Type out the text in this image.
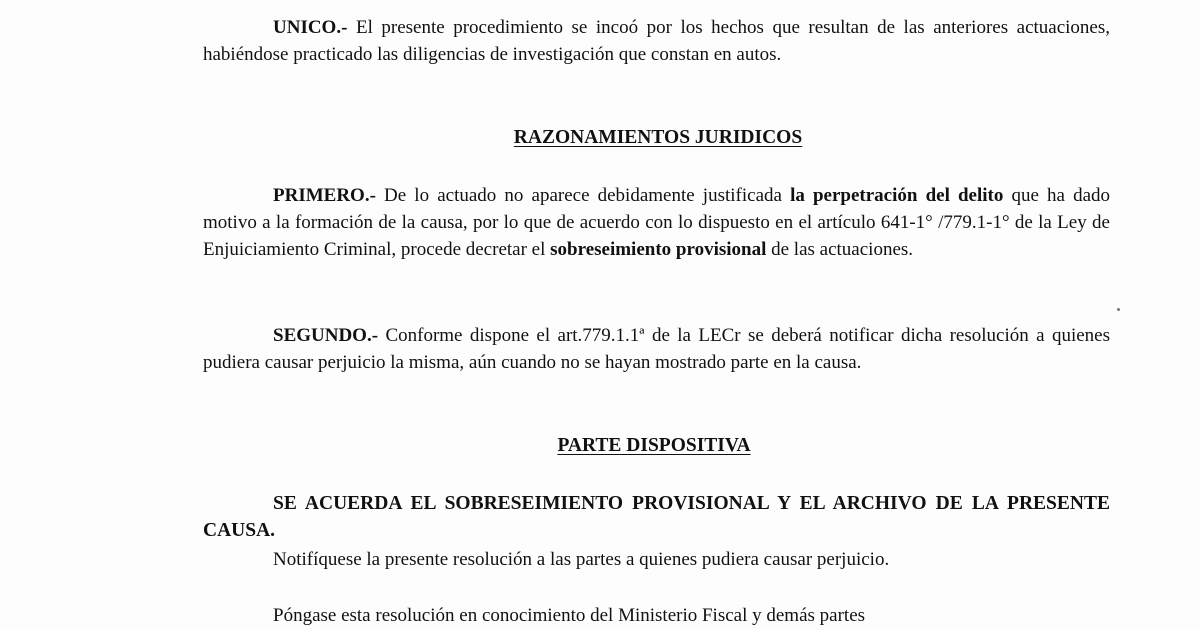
UNICO.- El presente procedimiento se incoó por los hechos que resultan de las anteriores actuaciones, habiéndose practicado las diligencias de investigación que constan en autos.
RAZONAMIENTOS JURIDICOS
PRIMERO.- De lo actuado no aparece debidamente justificada la perpetración del delito que ha dado motivo a la formación de la causa, por lo que de acuerdo con lo dispuesto en el artículo 641-1° /779.1-1° de la Ley de Enjuiciamiento Criminal, procede decretar el sobreseimiento provisional de las actuaciones.
SEGUNDO.- Conforme dispone el art.779.1.1ª de la LECr se deberá notificar dicha resolución a quienes pudiera causar perjuicio la misma, aún cuando no se hayan mostrado parte en la causa.
PARTE DISPOSITIVA
SE ACUERDA EL SOBRESEIMIENTO PROVISIONAL Y EL ARCHIVO DE LA PRESENTE CAUSA.
Notifíquese la presente resolución a las partes a quienes pudiera causar perjuicio.
Póngase esta resolución en conocimiento del Ministerio Fiscal y demás partes
